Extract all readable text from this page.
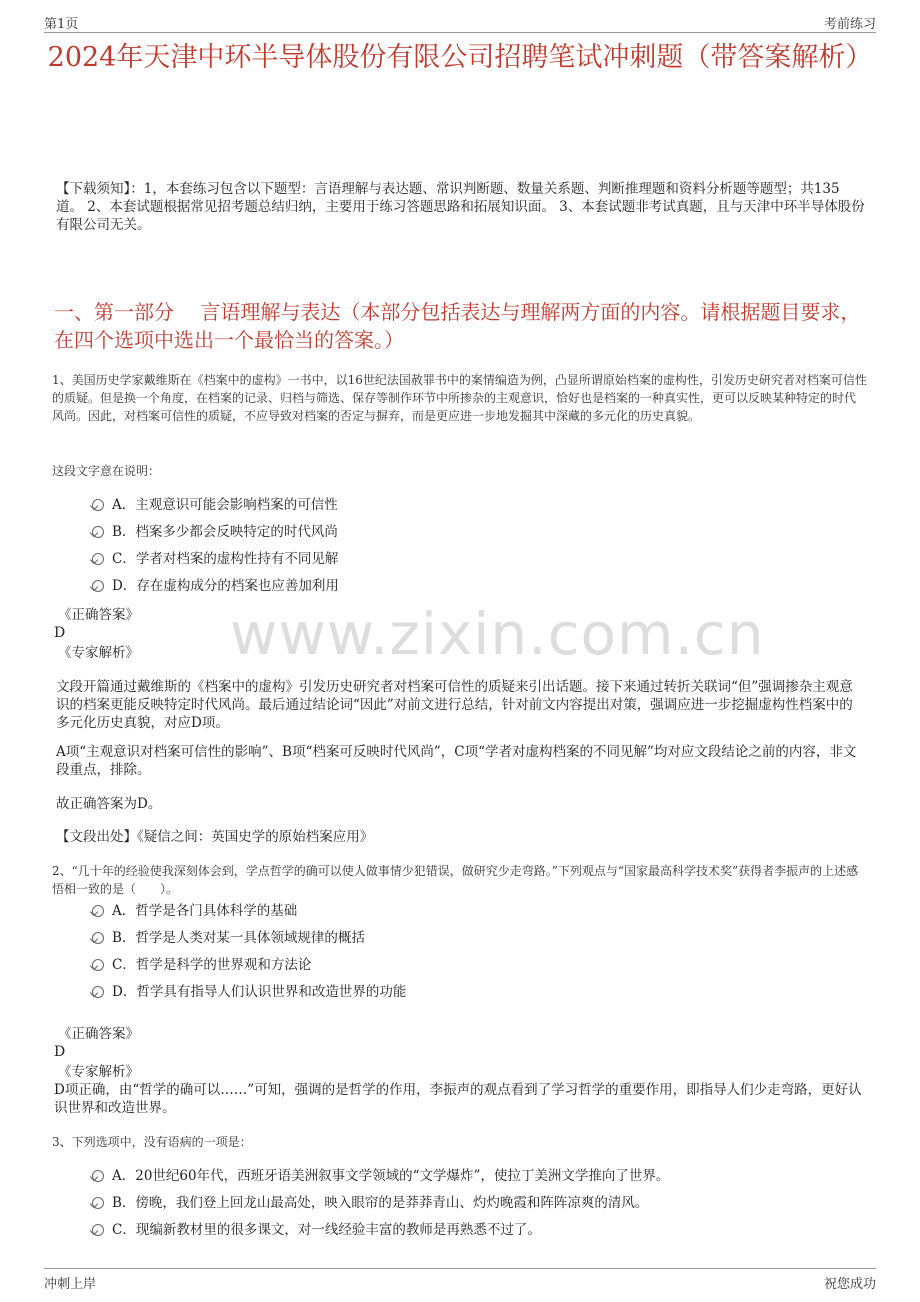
第1页	考前练习
2024年天津中环半导体股份有限公司招聘笔试冲刺题（带答案解析）
【下载须知】：1，本套练习包含以下题型：言语理解与表达题、常识判断题、数量关系题、判断推理题和资料分析题等题型；共135道。 2、本套试题根据常见招考题总结归纳，主要用于练习答题思路和拓展知识面。 3、本套试题非考试真题，且与天津中环半导体股份有限公司无关。
一、第一部分　 言语理解与表达（本部分包括表达与理解两方面的内容。请根据题目要求，在四个选项中选出一个最恰当的答案。）
1、美国历史学家戴维斯在《档案中的虚构》一书中，以16世纪法国赦罪书中的案情编造为例，凸显所谓原始档案的虚构性，引发历史研究者对档案可信性的质疑。但是换一个角度，在档案的记录、归档与筛选、保存等制作环节中所掺杂的主观意识，恰好也是档案的一种真实性，更可以反映某种特定的时代风尚。因此，对档案可信性的质疑，不应导致对档案的否定与摒弃，而是更应进一步地发掘其中深藏的多元化的历史真貌。
这段文字意在说明：
A．主观意识可能会影响档案的可信性
B．档案多少都会反映特定的时代风尚
C．学者对档案的虚构性持有不同见解
D．存在虚构成分的档案也应善加利用
《正确答案》
D
《专家解析》
文段开篇通过戴维斯的《档案中的虚构》引发历史研究者对档案可信性的质疑来引出话题。接下来通过转折关联词“但”强调掺杂主观意识的档案更能反映特定时代风尚。最后通过结论词“因此”对前文进行总结，针对前文内容提出对策，强调应进一步挖掘虚构性档案中的多元化历史真貌，对应D项。
A项“主观意识对档案可信性的影响”、B项“档案可反映时代风尚”，C项“学者对虚构档案的不同见解”均对应文段结论之前的内容，非文段重点，排除。
故正确答案为D。
【文段出处】《疑信之间：英国史学的原始档案应用》
2、“几十年的经验使我深刻体会到，学点哲学的确可以使人做事情少犯错误，做研究少走弯路。”下列观点与“国家最高科学技术奖”获得者李振声的上述感悟相一致的是（　　）。
A．哲学是各门具体科学的基础
B．哲学是人类对某一具体领域规律的概括
C．哲学是科学的世界观和方法论
D．哲学具有指导人们认识世界和改造世界的功能
《正确答案》
D
《专家解析》
D项正确，由“哲学的确可以……”可知，强调的是哲学的作用，李振声的观点看到了学习哲学的重要作用，即指导人们少走弯路，更好认识世界和改造世界。
3、下列选项中，没有语病的一项是：
A．20世纪60年代，西班牙语美洲叙事文学领域的“文学爆炸”，使拉丁美洲文学推向了世界。
B．傍晚，我们登上回龙山最高处，映入眼帘的是莽莽青山、灼灼晚霞和阵阵凉爽的清风。
C．现编新教材里的很多课文，对一线经验丰富的教师是再熟悉不过了。
www.zixin.com.cn
冲刺上岸	祝您成功
